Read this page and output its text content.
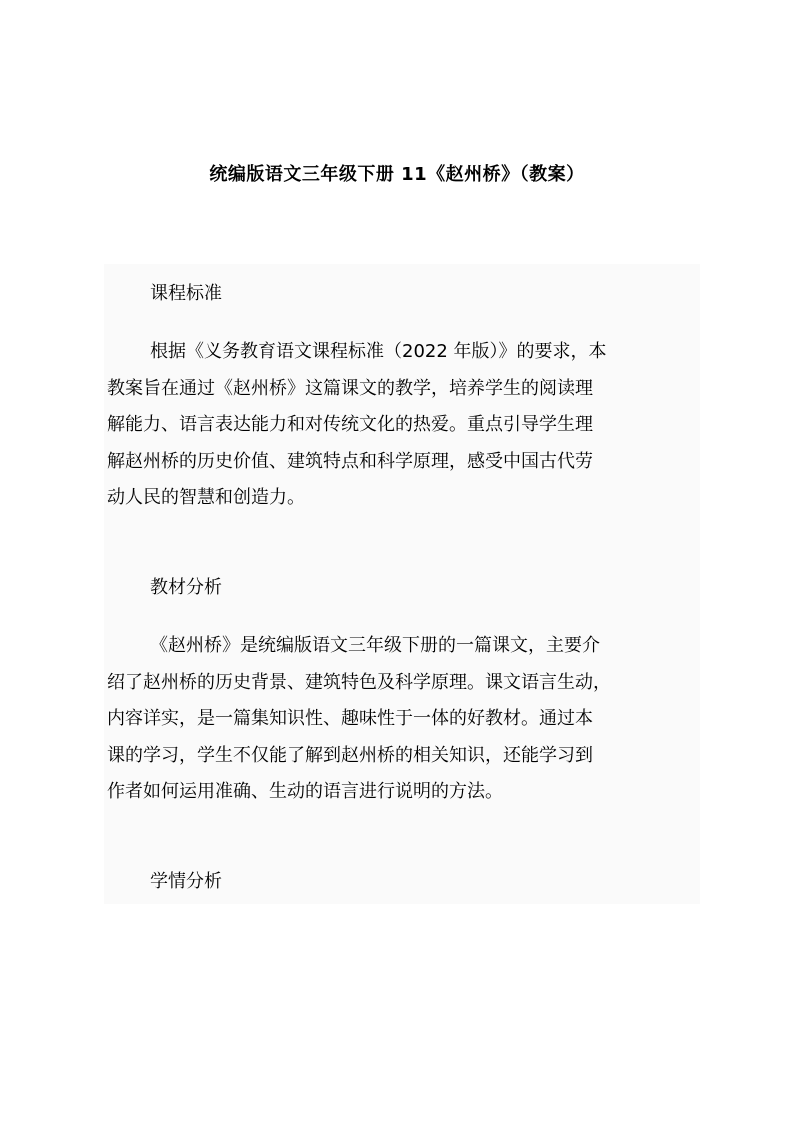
统编版语文三年级下册 11《赵州桥》（教案）
课程标准
根据《义务教育语文课程标准（2022 年版）》的要求，本
教案旨在通过《赵州桥》这篇课文的教学，培养学生的阅读理
解能力、语言表达能力和对传统文化的热爱。重点引导学生理
解赵州桥的历史价值、建筑特点和科学原理，感受中国古代劳
动人民的智慧和创造力。
教材分析
《赵州桥》是统编版语文三年级下册的一篇课文，主要介
绍了赵州桥的历史背景、建筑特色及科学原理。课文语言生动，
内容详实，是一篇集知识性、趣味性于一体的好教材。通过本
课的学习，学生不仅能了解到赵州桥的相关知识，还能学习到
作者如何运用准确、生动的语言进行说明的方法。
学情分析
